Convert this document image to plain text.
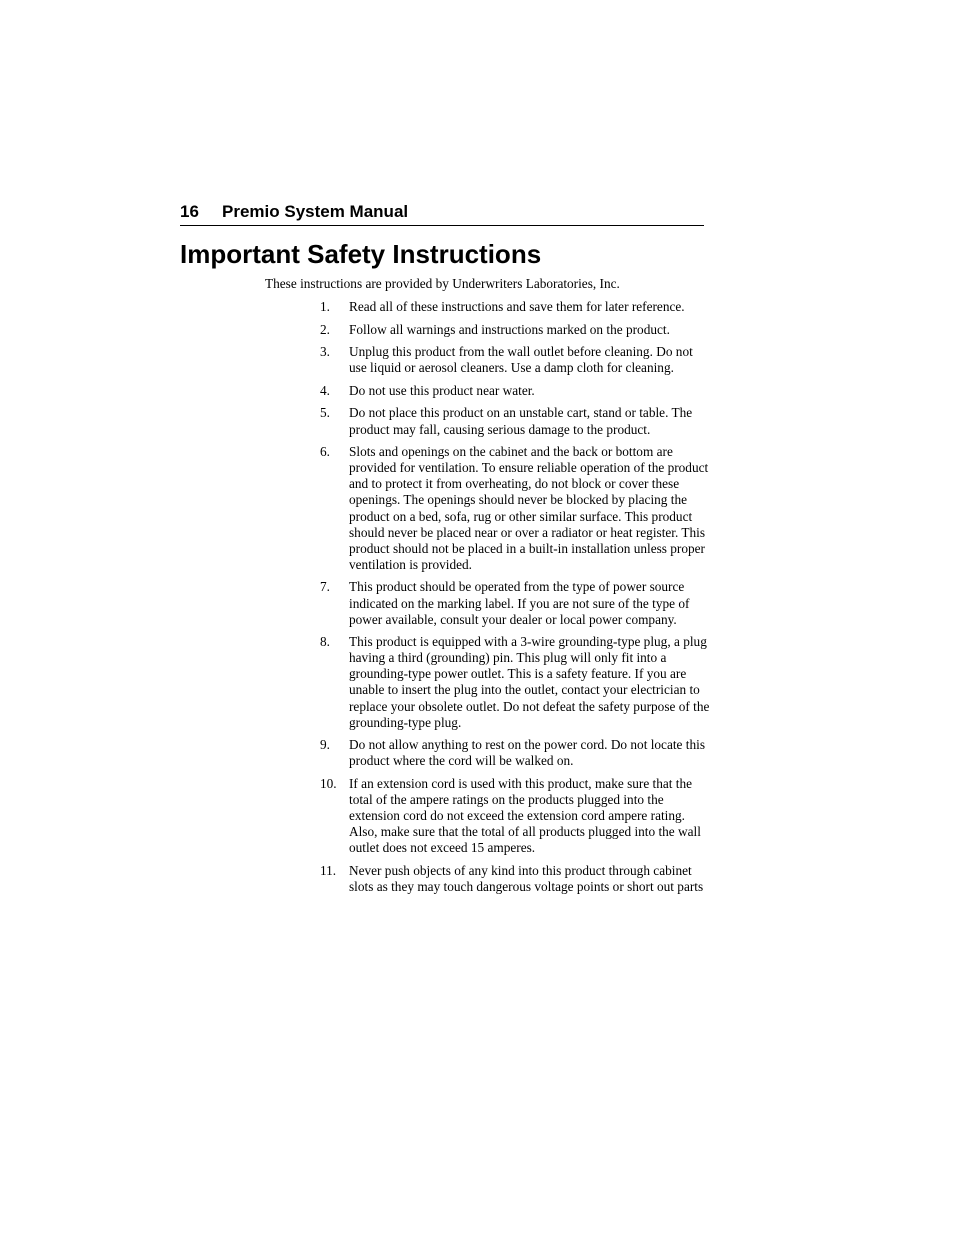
16 Premio System Manual
Important Safety Instructions

These instructions are provided by Underwriters Laboratories, Inc.

1.	Read all of these instructions and save them for later reference.
2.	Follow all warnings and instructions marked on the product.
3.	Unplug this product from the wall outlet before cleaning. Do not
use liquid or aerosol cleaners. Use a damp cloth for cleaning.
4.	Do not use this product near water.
5.	Do not place this product on an unstable cart, stand or table. The
product may fall, causing serious damage to the product.
6.	Slots and openings on the cabinet and the back or bottom are
provided for ventilation. To ensure reliable operation of the product
and to protect it from overheating, do not block or cover these
openings. The openings should never be blocked by placing the
product on a bed, sofa, rug or other similar surface. This product
should never be placed near or over a radiator or heat register. This
product should not be placed in a built-in installation unless proper
ventilation is provided.
7.	This product should be operated from the type of power source
indicated on the marking label. If you are not sure of the type of
power available, consult your dealer or local power company.
8.	This product is equipped with a 3-wire grounding-type plug, a plug
having a third (grounding) pin. This plug will only fit into a
grounding-type power outlet. This is a safety feature. If you are
unable to insert the plug into the outlet, contact your electrician to
replace your obsolete outlet. Do not defeat the safety purpose of the
grounding-type plug.
9.	Do not allow anything to rest on the power cord. Do not locate this
product where the cord will be walked on.
10. If an extension cord is used with this product, make sure that the
total of the ampere ratings on the products plugged into the
extension cord do not exceed the extension cord ampere rating.
Also, make sure that the total of all products plugged into the wall
outlet does not exceed 15 amperes.
11. Never push objects of any kind into this product through cabinet
slots as they may touch dangerous voltage points or short out parts
